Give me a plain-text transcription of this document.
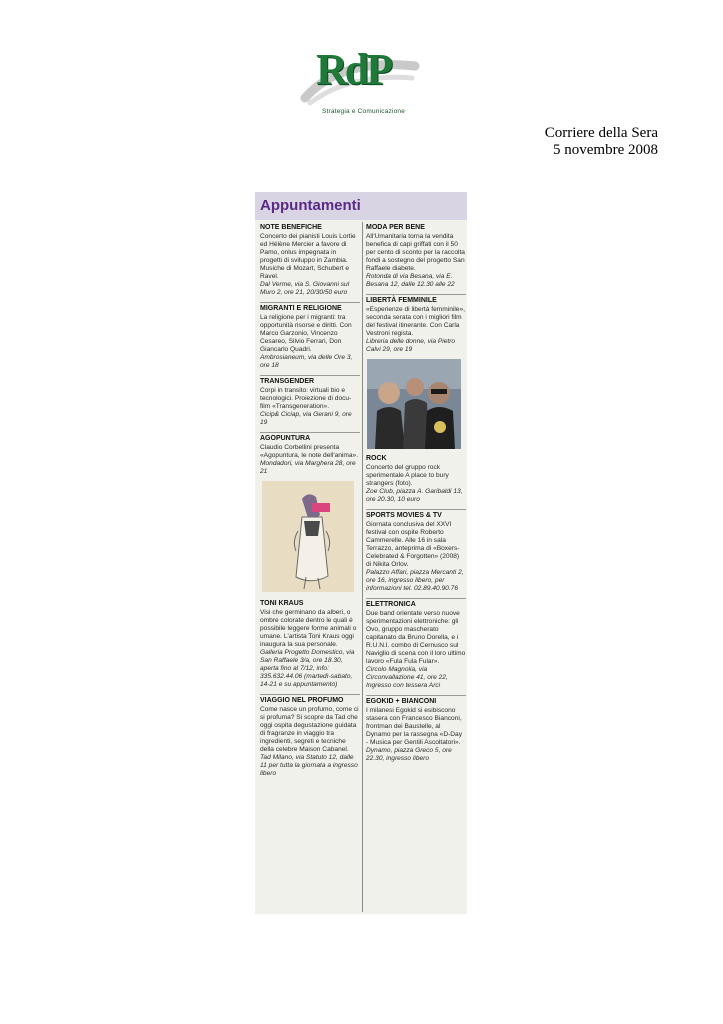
RdP
Strategia e Comunicazione
Corriere della Sera
5 novembre 2008
Appuntamenti
NOTE BENEFICHE
Concerto dei pianisti Louis Lortie ed Hélène Mercier a favore di Pamo, onlus impegnata in progetti di sviluppo in Zambia. Musiche di Mozart, Schubert e Ravel.
Dal Verme, via S. Giovanni sul Muro 2, ore 21, 20/30/50 euro
MIGRANTI E RELIGIONE
La religione per i migranti: tra opportunità risorse e diritti. Con Marco Garzonio, Vincenzo Cesareo, Silvio Ferrari, Don Giancarlo Quadri.
Ambrosianeum, via delle Ore 3, ore 18
TRANSGENDER
Corpi in transito: virtuali bio e tecnologici. Proiezione di docu-film «Transgeneration».
Cicip& Ciciap, via Gerani 9, ore 19
AGOPUNTURA
Claudio Corbellini presenta «Agopuntura, le note dell'anima».
Mondadori, via Marghera 28, ore 21
TONI KRAUS
Visi che germinano da alberi, o ombre colorate dentro le quali è possibile leggere forme animali o umane. L'artista Toni Kraus oggi inaugura la sua personale.
Galleria Progetto Domestico, via San Raffaele 3/a, ore 18.30, aperta fino al 7/12, info: 335.632.44.06 (martedì-sabato, 14-21 e su appuntamento)
VIAGGIO NEL PROFUMO
Come nasce un profumo, come ci si profuma? Si scopre da Tad che oggi ospita degustazione guidata di fragranze in viaggio tra ingredienti, segreti e tecniche della celebre Maison Cabanel.
Tad Milano, via Statuto 12, dalle 11 per tutta la giornata a ingresso libero
MODA PER BENE
All'Umanitaria torna la vendita benefica di capi griffati con il 50 per cento di sconto per la raccolta fondi a sostegno del progetto San Raffaele diabete.
Rotonda di via Besana, via E. Besana 12, dalle 12.30 alle 22
LIBERTÀ FEMMINILE
«Esperienze di libertà femminile», seconda serata con i migliori film del festival itinerante. Con Carla Vestroni regista.
Libreria delle donne, via Pietro Calvi 29, ore 19
ROCK
Concerto del gruppo rock sperimentale A place to bury strangers (foto).
Zoe Club, piazza A. Garibaldi 13, ore 20.30, 10 euro
SPORTS MOVIES & TV
Giornata conclusiva del XXVI festival con ospite Roberto Cammerelle. Alle 16 in sala Terrazzo, anteprima di «Boxers-Celebrated & Forgotten» (2008) di Nikita Orlov.
Palazzo Affari, piazza Mercanti 2, ore 16, ingresso libero, per informazioni tel. 02.89.40.90.76
ELETTRONICA
Due band orientate verso nuove sperimentazioni elettroniche: gli Ovo, gruppo mascherato capitanato da Bruno Dorella, e i R.U.N.I. combo di Cernusco sul Naviglio di scena con il loro ultimo lavoro «Fula Fula Fular».
Circolo Magnolia, via Circonvallazione 41, ore 22, Ingresso con tessera Arci
EGOKID + BIANCONI
I milanesi Egokid si esibiscono stasera con Francesco Bianconi, frontman dei Baustelle, al Dynamo per la rassegna «D-Day - Musica per Gentili Ascoltatori».
Dynamo, piazza Greco 5, ore 22.30, ingresso libero
